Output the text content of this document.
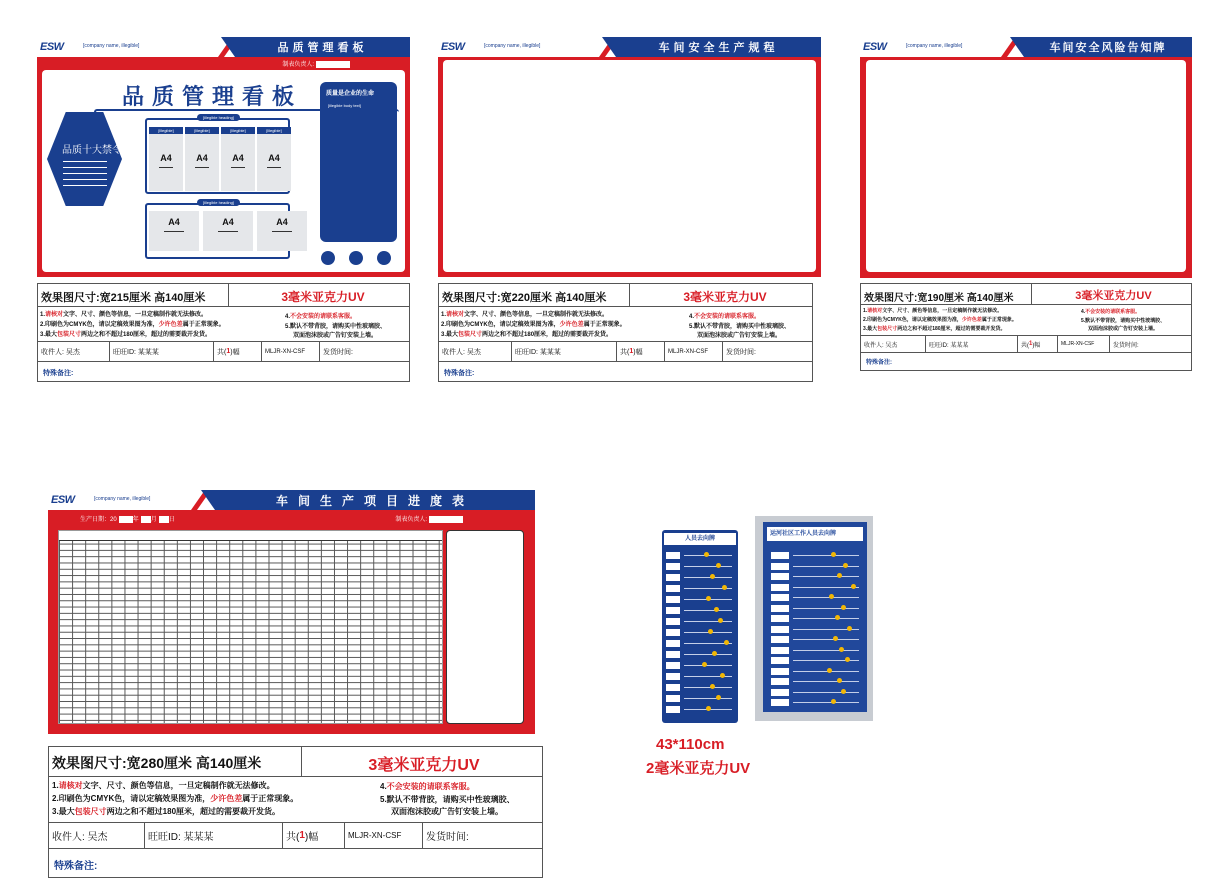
ESW	[company name, illegible]	品质管理看板
制表负责人:
品质管理看板
品质十大禁令
[illegible heading]
[illegible]
A4
[illegible]
A4
[illegible]
A4
[illegible]
A4
[illegible heading]
A4	A4	A4
质量是企业的生命
[illegible body text]
效果图尺寸:宽215厘米 高140厘米	3毫米亚克力UV
1.请核对文字、尺寸、颜色等信息，一旦定稿制作就无法修改。
2.印刷色为CMYK色，请以定稿效果图为准，少许色差属于正常现象。
3.最大包装尺寸两边之和不超过180厘米，超过的需要裁开发货。
4.不会安装的请联系客服。
5.默认不带背胶，请购买中性玻璃胶、
双面泡沫胶或广告钉安装上墙。
收件人: 吴杰	旺旺ID: 某某某	共( 1 )幅	MLJR-XN-CSF	发货时间:
特殊备注:
ESW	[company name, illegible]	车间安全生产规程
效果图尺寸:宽220厘米 高140厘米	3毫米亚克力UV
1.请核对文字、尺寸、颜色等信息，一旦定稿制作就无法修改。
2.印刷色为CMYK色，请以定稿效果图为准，少许色差属于正常现象。
3.最大包装尺寸两边之和不超过180厘米，超过的需要裁开发货。
4.不会安装的请联系客服。
5.默认不带背胶，请购买中性玻璃胶、
双面泡沫胶或广告钉安装上墙。
收件人: 吴杰	旺旺ID: 某某某	共( 1 )幅	MLJR-XN-CSF	发货时间:
特殊备注:
ESW	[company name, illegible]	车间安全风险告知牌
效果图尺寸:宽190厘米 高140厘米	3毫米亚克力UV
1.请核对文字、尺寸、颜色等信息，一旦定稿制作就无法修改。
2.印刷色为CMYK色，请以定稿效果图为准，少许色差属于正常现象。
3.最大包装尺寸两边之和不超过180厘米，超过的需要裁开发货。
4.不会安装的请联系客服。
5.默认不带背胶，请购买中性玻璃胶、
双面泡沫胶或广告钉安装上墙。
收件人: 吴杰	旺旺ID: 某某某	共( 1 )幅	MLJR-XN-CSF	发货时间:
特殊备注:
ESW	[company name, illegible]	车间生产项目进度表
生产日期：20	年 月 日	制表负责人:
效果图尺寸:宽280厘米 高140厘米	3毫米亚克力UV
1.请核对文字、尺寸、颜色等信息，一旦定稿制作就无法修改。
2.印刷色为CMYK色，请以定稿效果图为准，少许色差属于正常现象。
3.最大包装尺寸两边之和不超过180厘米，超过的需要裁开发货。
4.不会安装的请联系客服。
5.默认不带背胶，请购买中性玻璃胶、
双面泡沫胶或广告钉安装上墙。
收件人: 吴杰	旺旺ID: 某某某	共( 1 )幅	MLJR-XN-CSF	发货时间:
特殊备注:
人员去向牌
运河社区工作人员去向牌
43*110cm
2毫米亚克力UV
